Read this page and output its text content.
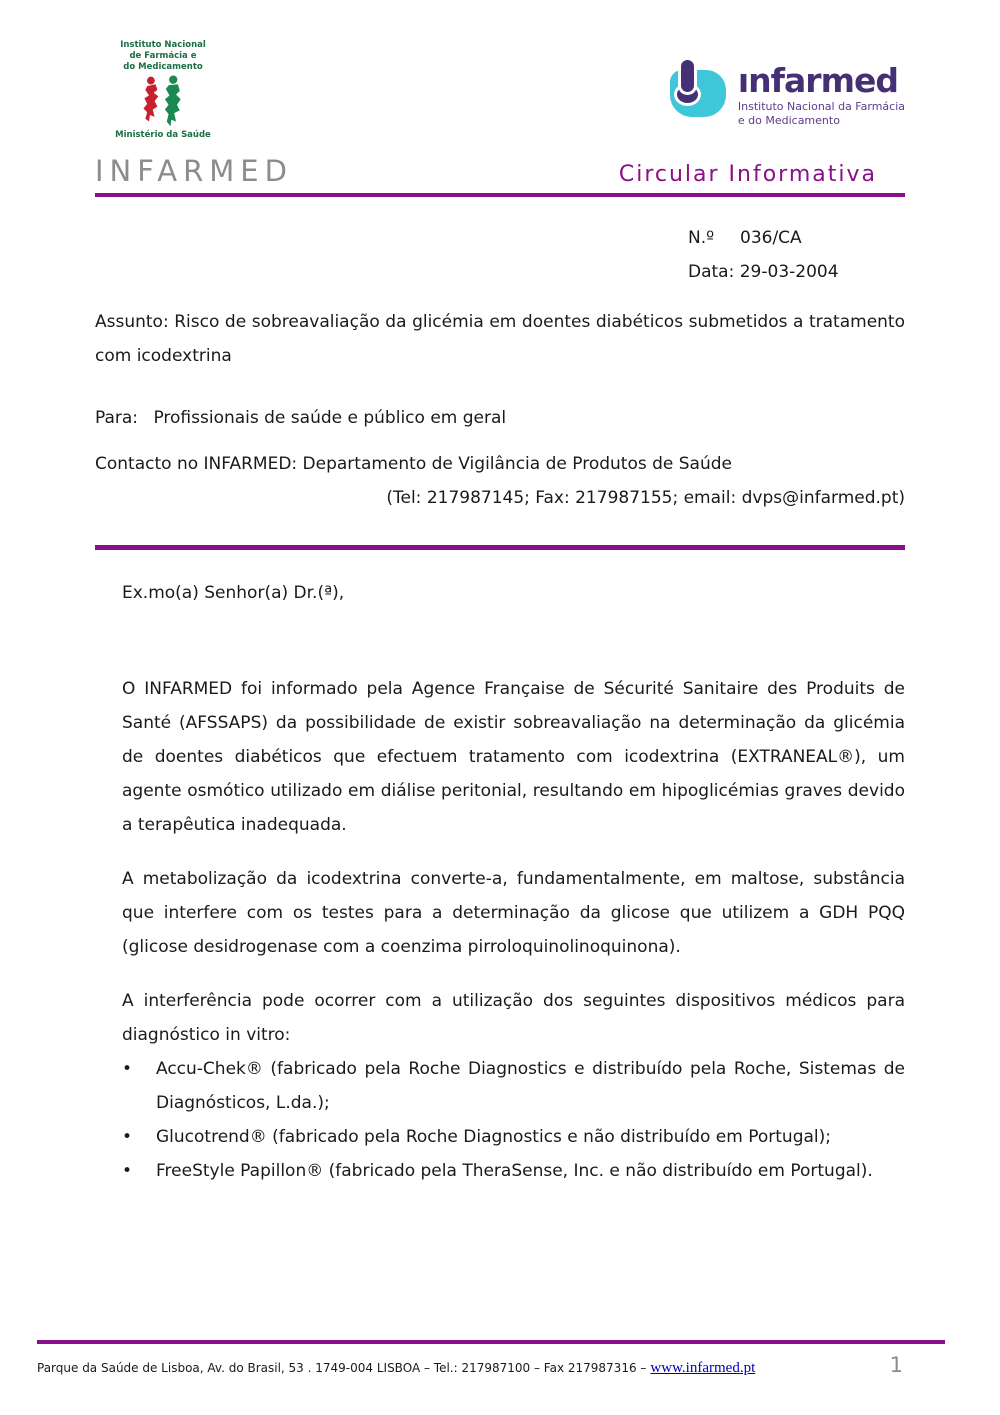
Instituto Nacional
de Farmácia e
do Medicamento
Ministério da Saúde
ınfarmed
Instituto Nacional da Farmácia
e do Medicamento
INFARMED	Circular Informativa
N.º 036/CA
Data: 29-03-2004

Assunto: Risco de sobreavaliação da glicémia em doentes diabéticos submetidos a tratamento com icodextrina

Para: Profissionais de saúde e público em geral

Contacto no INFARMED: Departamento de Vigilância de Produtos de Saúde

(Tel: 217987145; Fax: 217987155; email: dvps@infarmed.pt)

Ex.mo(a) Senhor(a) Dr.(ª),

O INFARMED foi informado pela Agence Française de Sécurité Sanitaire des Produits de Santé (AFSSAPS) da possibilidade de existir sobreavaliação na determinação da glicémia de doentes diabéticos que efectuem tratamento com icodextrina (EXTRANEAL®), um agente osmótico utilizado em diálise peritonial, resultando em hipoglicémias graves devido a terapêutica inadequada.

A metabolização da icodextrina converte-a, fundamentalmente, em maltose, substância que interfere com os testes para a determinação da glicose que utilizem a GDH PQQ (glicose desidrogenase com a coenzima pirroloquinolinoquinona).

A interferência pode ocorrer com a utilização dos seguintes dispositivos médicos para diagnóstico in vitro:

•	Accu-Chek® (fabricado pela Roche Diagnostics e distribuído pela Roche, Sistemas de Diagnósticos, L.da.);
•	Glucotrend® (fabricado pela Roche Diagnostics e não distribuído em Portugal);
•	FreeStyle Papillon® (fabricado pela TheraSense, Inc. e não distribuído em Portugal).
Parque da Saúde de Lisboa, Av. do Brasil, 53 . 1749-004 LISBOA – Tel.: 217987100 – Fax 217987316 – www.infarmed.pt	1
